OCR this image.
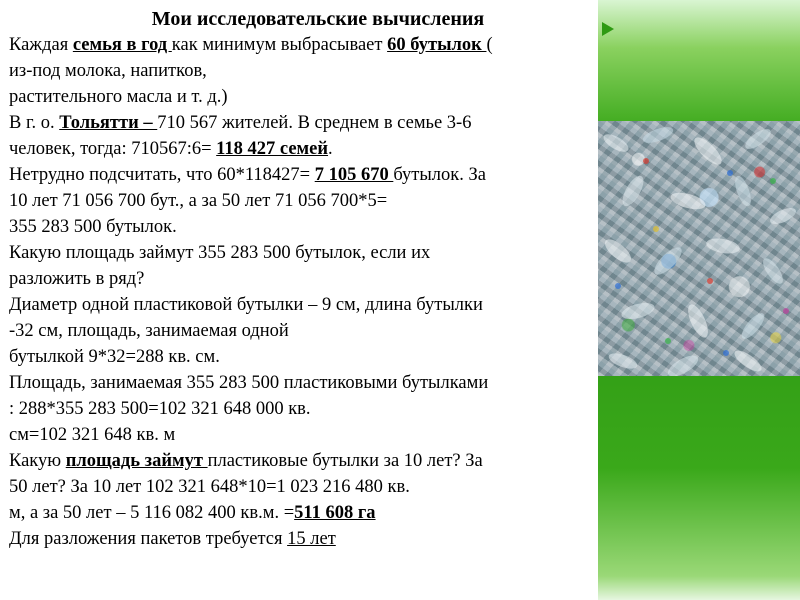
Мои исследовательские вычисления
Каждая семья в год как минимум выбрасывает 60 бутылок (
из-под молока, напитков,
растительного масла и т. д.)
В г. о. Тольятти – 710 567 жителей. В среднем в семье 3-6
человек, тогда: 710567:6= 118 427 семей.
Нетрудно подсчитать, что 60*118427= 7 105 670 бутылок. За
10 лет 71 056 700 бут., а за 50 лет 71 056 700*5=
355 283 500 бутылок.
Какую площадь займут 355 283 500 бутылок, если их
разложить в ряд?
Диаметр одной пластиковой бутылки – 9 см, длина бутылки
-32 см, площадь, занимаемая одной
бутылкой 9*32=288 кв. см.
Площадь, занимаемая 355 283 500 пластиковыми бутылками
: 288*355 283 500=102 321 648 000 кв.
см=102 321 648 кв. м
Какую площадь займут пластиковые бутылки за 10 лет? За
50 лет? За 10 лет 102 321 648*10=1 023 216 480 кв.
м, а за 50 лет – 5 116 082 400 кв.м. =511 608 га
Для разложения пакетов требуется 15 лет
